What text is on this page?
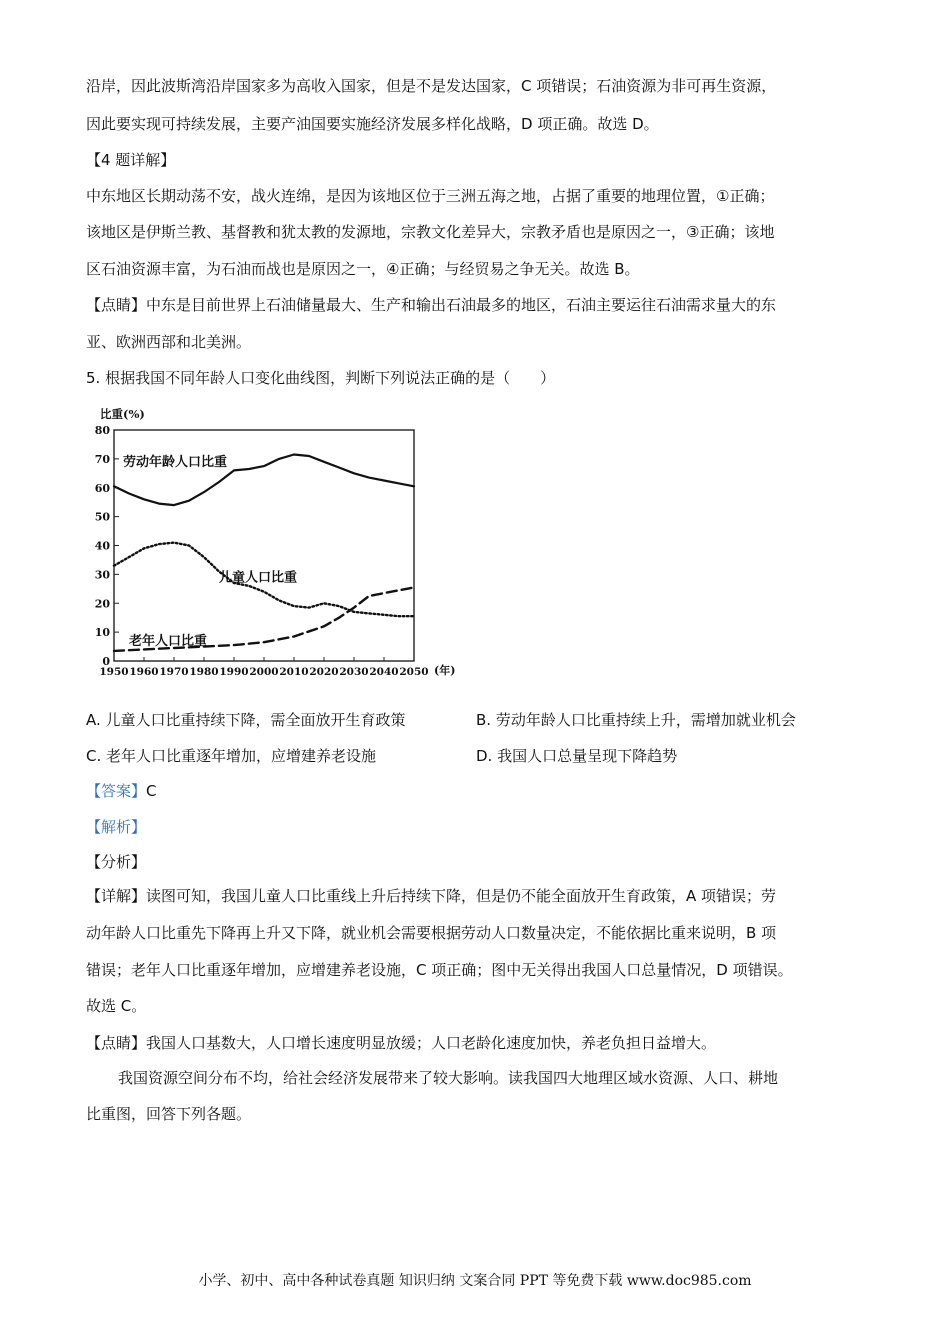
沿岸，因此波斯湾沿岸国家多为高收入国家，但是不是发达国家，C 项错误；石油资源为非可再生资源，
因此要实现可持续发展，主要产油国要实施经济发展多样化战略，D 项正确。故选 D。
【4 题详解】
中东地区长期动荡不安，战火连绵，是因为该地区位于三洲五海之地，占据了重要的地理位置，①正确；
该地区是伊斯兰教、基督教和犹太教的发源地，宗教文化差异大，宗教矛盾也是原因之一，③正确；该地
区石油资源丰富，为石油而战也是原因之一，④正确；与经贸易之争无关。故选 B。
【点睛】中东是目前世界上石油储量最大、生产和输出石油最多的地区，石油主要运往石油需求量大的东
亚、欧洲西部和北美洲。
5. 根据我国不同年龄人口变化曲线图，判断下列说法正确的是（　　）
0
10
20
30
40
50
60
70
80
1950 1960 1970 1980 1990 2000 2010 2020 2030 2040 2050
比重(%)
(年)
劳动年龄人口比重
儿童人口比重
老年人口比重
A. 儿童人口比重持续下降，需全面放开生育政策	B. 劳动年龄人口比重持续上升，需增加就业机会
C. 老年人口比重逐年增加，应增建养老设施	D. 我国人口总量呈现下降趋势
【答案】C
【解析】
【分析】
【详解】读图可知，我国儿童人口比重线上升后持续下降，但是仍不能全面放开生育政策，A 项错误；劳
动年龄人口比重先下降再上升又下降，就业机会需要根据劳动人口数量决定，不能依据比重来说明，B 项
错误；老年人口比重逐年增加，应增建养老设施，C 项正确；图中无关得出我国人口总量情况，D 项错误。
故选 C。
【点睛】我国人口基数大，人口增长速度明显放缓；人口老龄化速度加快，养老负担日益增大。
我国资源空间分布不均，给社会经济发展带来了较大影响。读我国四大地理区域水资源、人口、耕地
比重图，回答下列各题。
小学、初中、高中各种试卷真题 知识归纳 文案合同 PPT 等免费下载 www.doc985.com
